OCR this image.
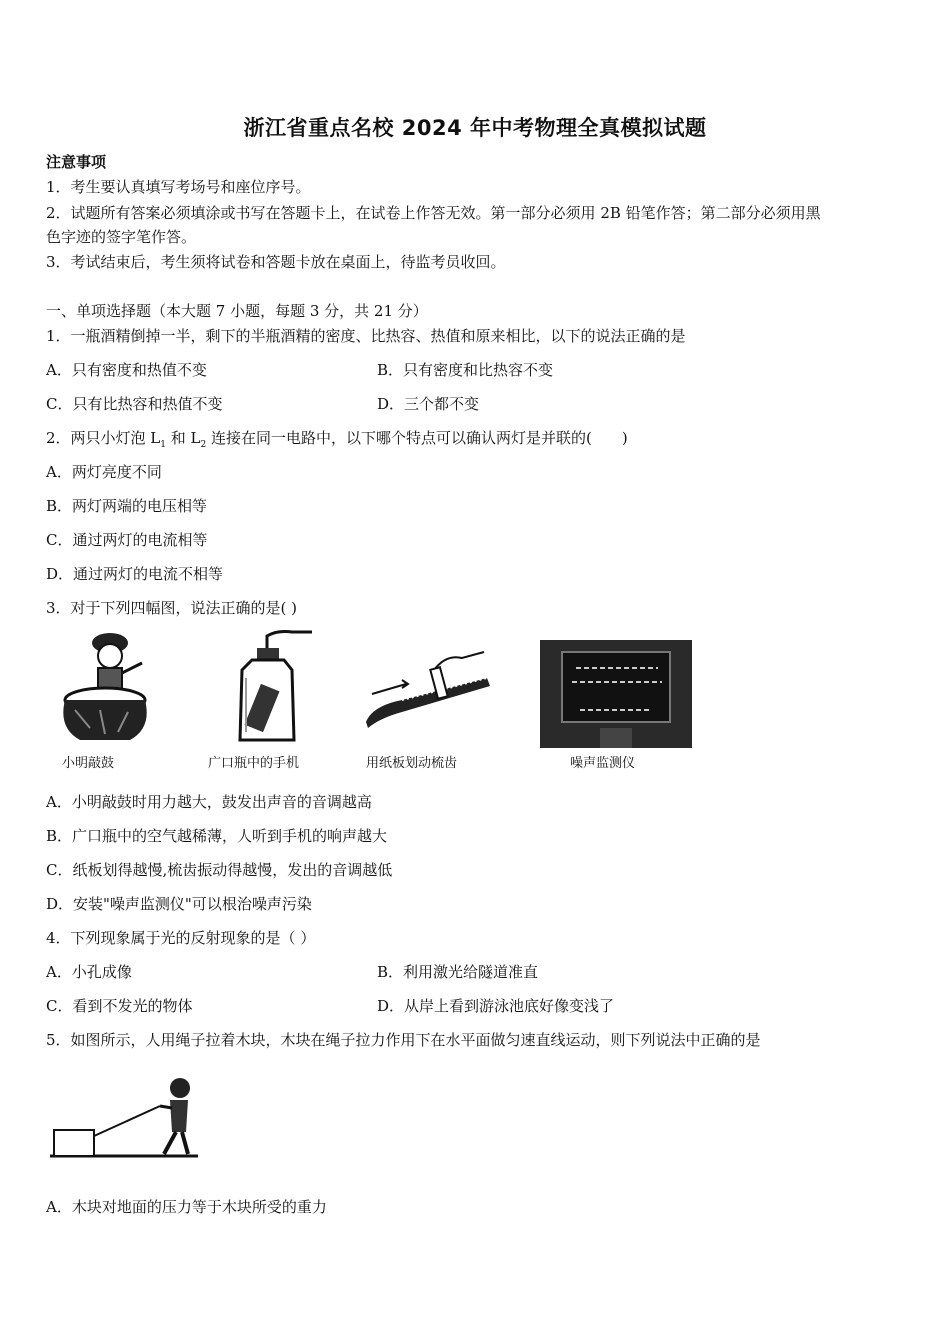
浙江省重点名校 2024 年中考物理全真模拟试题
注意事项
1．考生要认真填写考场号和座位序号。
2．试题所有答案必须填涂或书写在答题卡上，在试卷上作答无效。第一部分必须用 2B 铅笔作答；第二部分必须用黑
色字迹的签字笔作答。
3．考试结束后，考生须将试卷和答题卡放在桌面上，待监考员收回。
一、单项选择题（本大题 7 小题，每题 3 分，共 21 分）
1．一瓶酒精倒掉一半，剩下的半瓶酒精的密度、比热容、热值和原来相比，以下的说法正确的是
A．只有密度和热值不变	B．只有密度和比热容不变
C．只有比热容和热值不变	D．三个都不变
2．两只小灯泡 $L_1$ 和 $L_2$ 连接在同一电路中，以下哪个特点可以确认两灯是并联的(　　)
A．两灯亮度不同
B．两灯两端的电压相等
C．通过两灯的电流相等
D．通过两灯的电流不相等
3．对于下列四幅图，说法正确的是( )
小明敲鼓	广口瓶中的手机	用纸板划动梳齿	噪声监测仪
A．小明敲鼓时用力越大，鼓发出声音的音调越高
B．广口瓶中的空气越稀薄，人听到手机的响声越大
C．纸板划得越慢,梳齿振动得越慢，发出的音调越低
D．安装"噪声监测仪"可以根治噪声污染
4．下列现象属于光的反射现象的是（ ）
A．小孔成像	B．利用激光给隧道准直
C．看到不发光的物体	D．从岸上看到游泳池底好像变浅了
5．如图所示，人用绳子拉着木块，木块在绳子拉力作用下在水平面做匀速直线运动，则下列说法中正确的是
A．木块对地面的压力等于木块所受的重力
